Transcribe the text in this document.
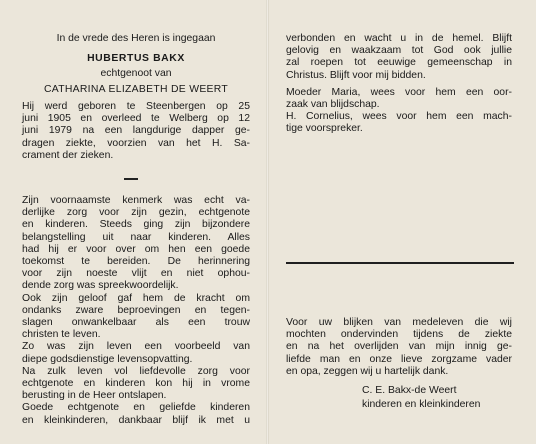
In de vrede des Heren is ingegaan

HUBERTUS BAKX

echtgenoot van

CATHARINA ELIZABETH DE WEERT

Hij werd geboren te Steenbergen op 25

juni 1905 en overleed te Welberg op 12

juni 1979 na een langdurige dapper ge-

dragen ziekte, voorzien van het H. Sa-

crament der zieken.

Zijn voornaamste kenmerk was echt va-

derlijke zorg voor zijn gezin, echtgenote

en kinderen. Steeds ging zijn bijzondere

belangstelling uit naar kinderen. Alles

had hij er voor over om hen een goede

toekomst te bereiden. De herinnering

voor zijn noeste vlijt en niet ophou-

dende zorg was spreekwoordelijk.

Ook zijn geloof gaf hem de kracht om

ondanks zware beproevingen en tegen-

slagen onwankelbaar als een trouw

christen te leven.

Zo was zijn leven een voorbeeld van

diepe godsdienstige levensopvatting.

Na zulk leven vol liefdevolle zorg voor

echtgenote en kinderen kon hij in vrome

berusting in de Heer ontslapen.

Goede echtgenote en geliefde kinderen

en kleinkinderen, dankbaar blijf ik met u

verbonden en wacht u in de hemel. Blijft

gelovig en waakzaam tot God ook jullie

zal roepen tot eeuwige gemeenschap in

Christus. Blijft voor mij bidden.

Moeder Maria, wees voor hem een oor-

zaak van blijdschap.

H. Cornelius, wees voor hem een mach-

tige voorspreker.

Voor uw blijken van medeleven die wij

mochten ondervinden tijdens de ziekte

en na het overlijden van mijn innig ge-

liefde man en onze lieve zorgzame vader

en opa, zeggen wij u hartelijk dank.

C. E. Bakx-de Weert

kinderen en kleinkinderen
